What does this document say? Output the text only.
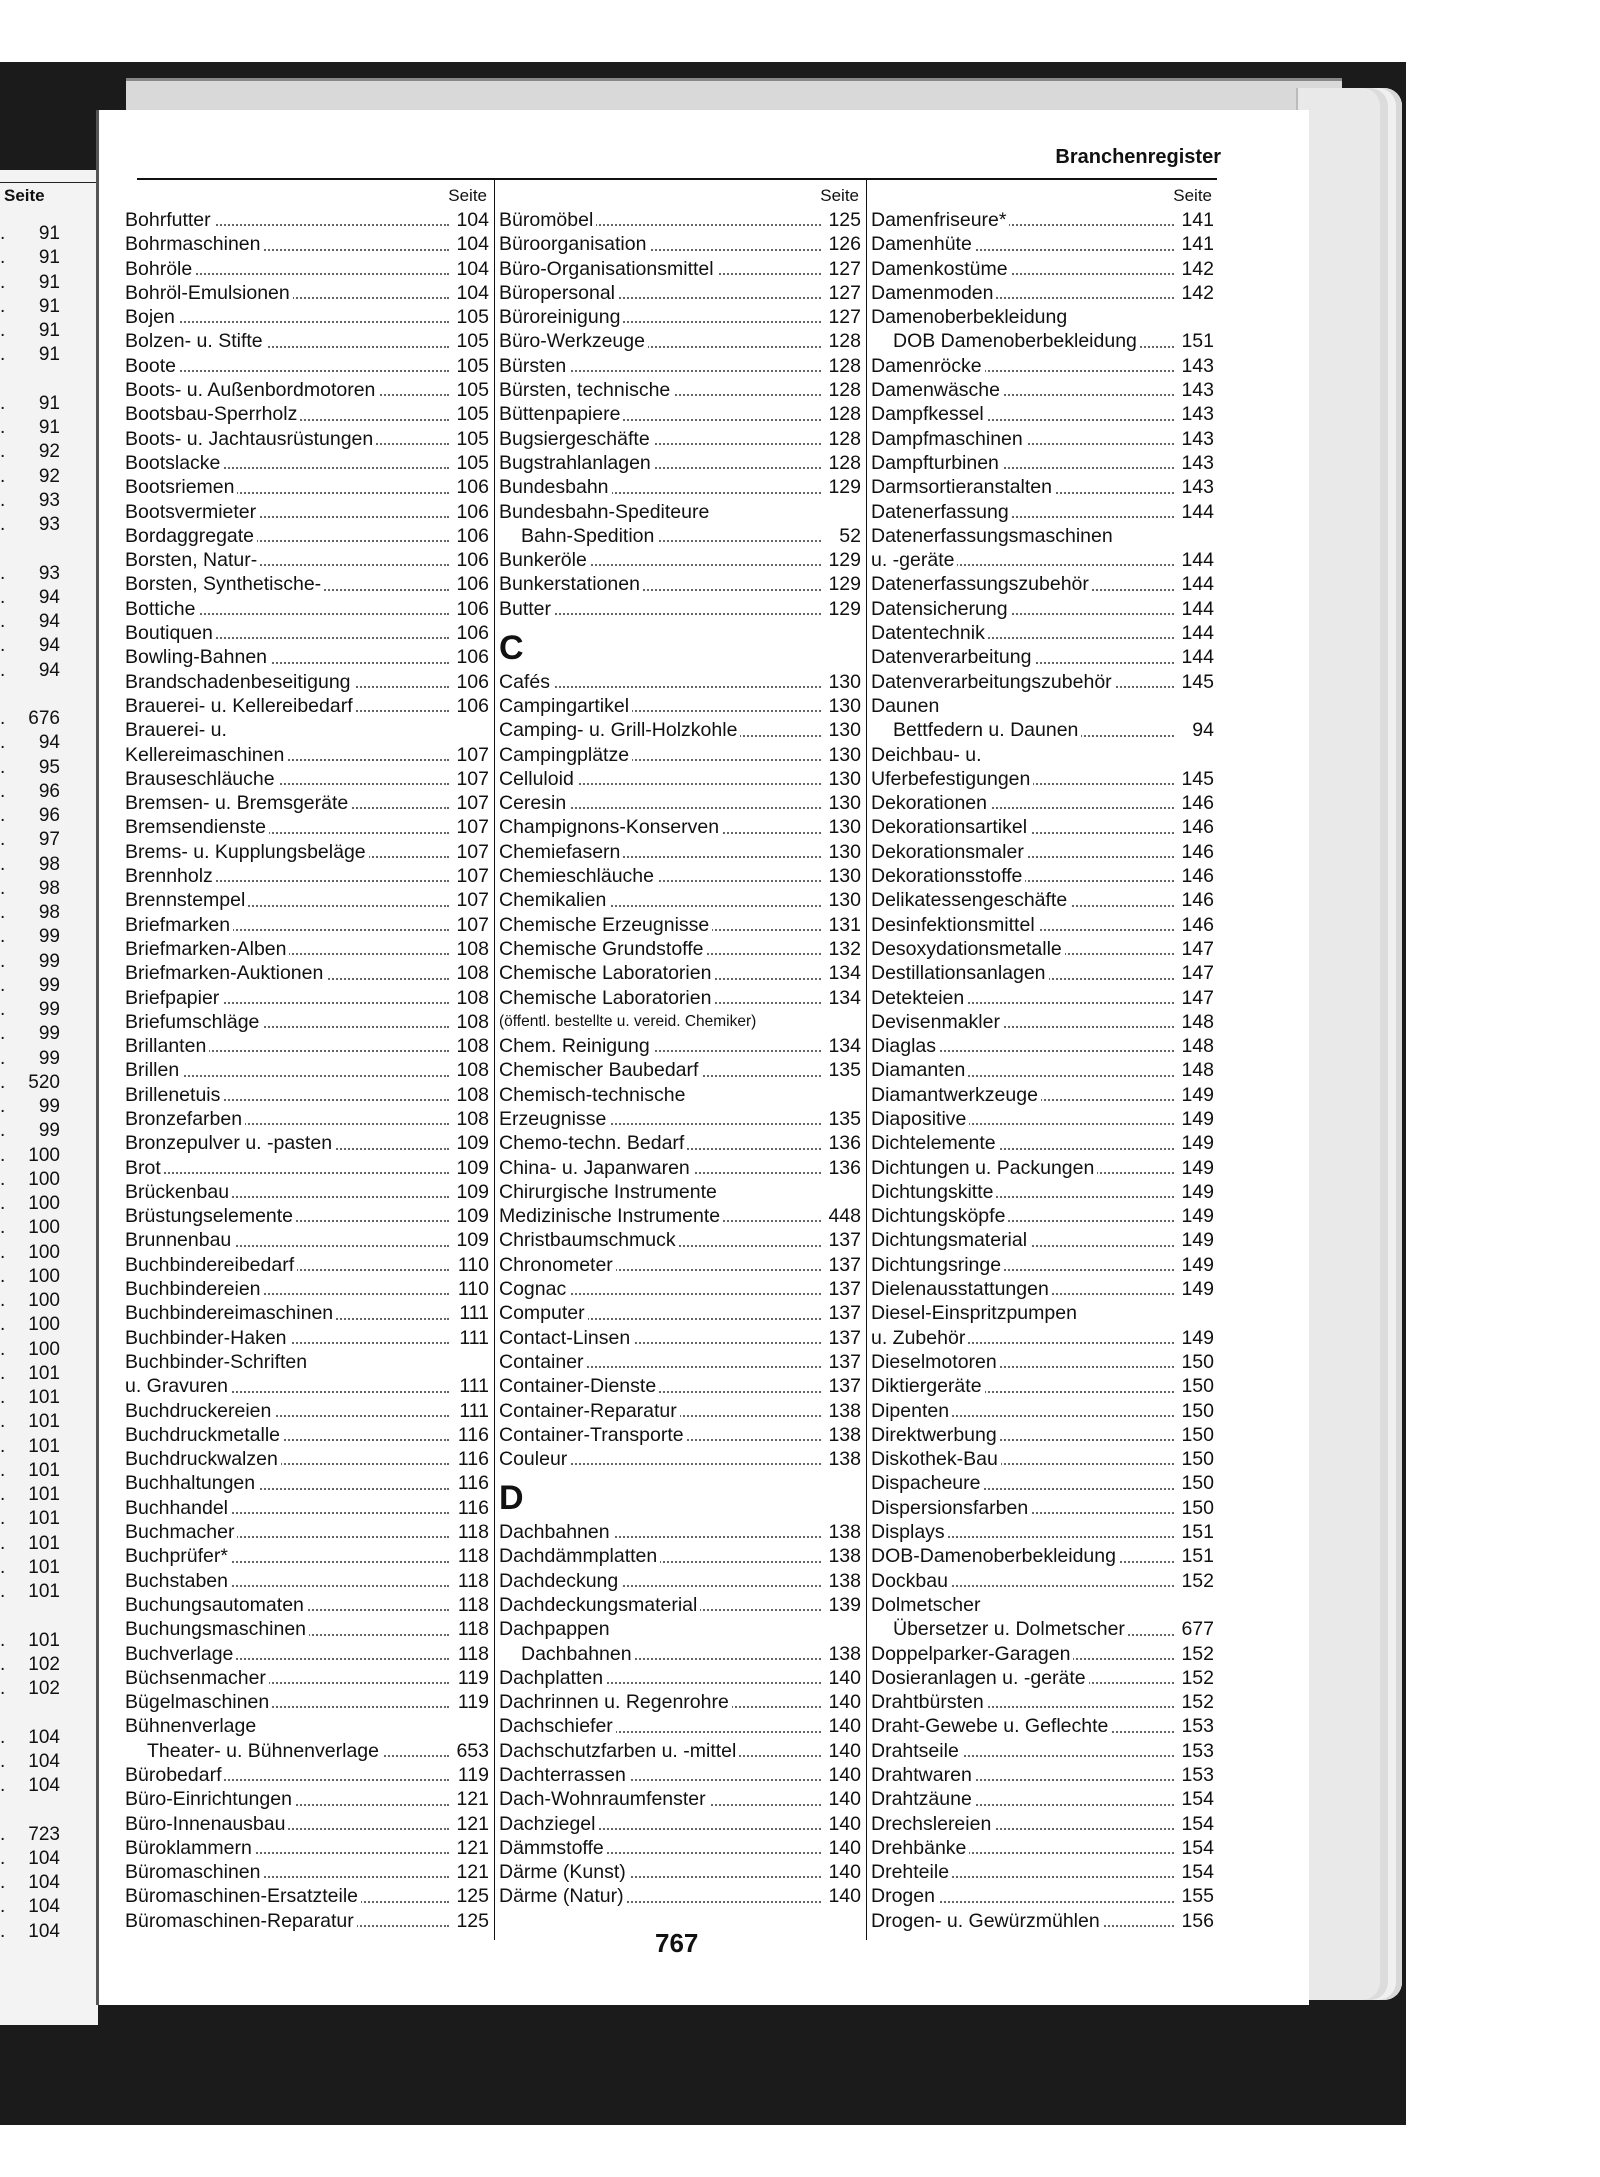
Seite
. 91
. 91
. 91
. 91
. 91
. 91
. 91
. 91
. 92
. 92
. 93
. 93
. 93
. 94
. 94
. 94
. 94
. 676
. 94
. 95
. 96
. 96
. 97
. 98
. 98
. 98
. 99
. 99
. 99
. 99
. 99
. 99
. 520
. 99
. 99
. 100
. 100
. 100
. 100
. 100
. 100
. 100
. 100
. 100
. 101
. 101
. 101
. 101
. 101
. 101
. 101
. 101
. 101
. 101
. 101
. 102
. 102
. 104
. 104
. 104
. 723
. 104
. 104
. 104
. 104
Branchenregister
Seite
Bohrfutter	104
Bohrmaschinen	104
Bohröle	104
Bohröl-Emulsionen	104
Bojen	105
Bolzen- u. Stifte	105
Boote	105
Boots- u. Außenbordmotoren	105
Bootsbau-Sperrholz	105
Boots- u. Jachtausrüstungen	105
Bootslacke	105
Bootsriemen	106
Bootsvermieter	106
Bordaggregate	106
Borsten, Natur-	106
Borsten, Synthetische-	106
Bottiche	106
Boutiquen	106
Bowling-Bahnen	106
Brandschadenbeseitigung	106
Brauerei- u. Kellereibedarf	106
Brauerei- u.
Kellereimaschinen	107
Brauseschläuche	107
Bremsen- u. Bremsgeräte	107
Bremsendienste	107
Brems- u. Kupplungsbeläge	107
Brennholz	107
Brennstempel	107
Briefmarken	107
Briefmarken-Alben	108
Briefmarken-Auktionen	108
Briefpapier	108
Briefumschläge	108
Brillanten	108
Brillen	108
Brillenetuis	108
Bronzefarben	108
Bronzepulver u. -pasten	109
Brot	109
Brückenbau	109
Brüstungselemente	109
Brunnenbau	109
Buchbindereibedarf	110
Buchbindereien	110
Buchbindereimaschinen	111
Buchbinder-Haken	111
Buchbinder-Schriften
u. Gravuren	111
Buchdruckereien	111
Buchdruckmetalle	116
Buchdruckwalzen	116
Buchhaltungen	116
Buchhandel	116
Buchmacher	118
Buchprüfer*	118
Buchstaben	118
Buchungsautomaten	118
Buchungsmaschinen	118
Buchverlage	118
Büchsenmacher	119
Bügelmaschinen	119
Bühnenverlage
Theater- u. Bühnenverlage	653
Bürobedarf	119
Büro-Einrichtungen	121
Büro-Innenausbau	121
Büroklammern	121
Büromaschinen	121
Büromaschinen-Ersatzteile	125
Büromaschinen-Reparatur	125
Seite
Büromöbel	125
Büroorganisation	126
Büro-Organisationsmittel	127
Büropersonal	127
Büroreinigung	127
Büro-Werkzeuge	128
Bürsten	128
Bürsten, technische	128
Büttenpapiere	128
Bugsiergeschäfte	128
Bugstrahlanlagen	128
Bundesbahn	129
Bundesbahn-Spediteure
Bahn-Spedition	52
Bunkeröle	129
Bunkerstationen	129
Butter	129
C
Cafés	130
Campingartikel	130
Camping- u. Grill-Holzkohle	130
Campingplätze	130
Celluloid	130
Ceresin	130
Champignons-Konserven	130
Chemiefasern	130
Chemieschläuche	130
Chemikalien	130
Chemische Erzeugnisse	131
Chemische Grundstoffe	132
Chemische Laboratorien	134
Chemische Laboratorien	134
(öffentl. bestellte u. vereid. Chemiker)
Chem. Reinigung	134
Chemischer Baubedarf	135
Chemisch-technische
Erzeugnisse	135
Chemo-techn. Bedarf	136
China- u. Japanwaren	136
Chirurgische Instrumente
Medizinische Instrumente	448
Christbaumschmuck	137
Chronometer	137
Cognac	137
Computer	137
Contact-Linsen	137
Container	137
Container-Dienste	137
Container-Reparatur	138
Container-Transporte	138
Couleur	138
D
Dachbahnen	138
Dachdämmplatten	138
Dachdeckung	138
Dachdeckungsmaterial	139
Dachpappen
Dachbahnen	138
Dachplatten	140
Dachrinnen u. Regenrohre	140
Dachschiefer	140
Dachschutzfarben u. -mittel	140
Dachterrassen	140
Dach-Wohnraumfenster	140
Dachziegel	140
Dämmstoffe	140
Därme (Kunst)	140
Därme (Natur)	140
Seite
Damenfriseure*	141
Damenhüte	141
Damenkostüme	142
Damenmoden	142
Damenoberbekleidung
DOB Damenoberbekleidung 151
Damenröcke	143
Damenwäsche	143
Dampfkessel	143
Dampfmaschinen	143
Dampfturbinen	143
Darmsortieranstalten	143
Datenerfassung	144
Datenerfassungsmaschinen
u. -geräte	144
Datenerfassungszubehör	144
Datensicherung	144
Datentechnik	144
Datenverarbeitung	144
Datenverarbeitungszubehör	145
Daunen
Bettfedern u. Daunen	94
Deichbau- u.
Uferbefestigungen	145
Dekorationen	146
Dekorationsartikel	146
Dekorationsmaler	146
Dekorationsstoffe	146
Delikatessengeschäfte	146
Desinfektionsmittel	146
Desoxydationsmetalle	147
Destillationsanlagen	147
Detekteien	147
Devisenmakler	148
Diaglas	148
Diamanten	148
Diamantwerkzeuge	149
Diapositive	149
Dichtelemente	149
Dichtungen u. Packungen	149
Dichtungskitte	149
Dichtungsköpfe	149
Dichtungsmaterial	149
Dichtungsringe	149
Dielenausstattungen	149
Diesel-Einspritzpumpen
u. Zubehör	149
Dieselmotoren	150
Diktiergeräte	150
Dipenten	150
Direktwerbung	150
Diskothek-Bau	150
Dispacheure	150
Dispersionsfarben	150
Displays	151
DOB-Damenoberbekleidung	151
Dockbau	152
Dolmetscher
Übersetzer u. Dolmetscher	677
Doppelparker-Garagen	152
Dosieranlagen u. -geräte	152
Drahtbürsten	152
Draht-Gewebe u. Geflechte	153
Drahtseile	153
Drahtwaren	153
Drahtzäune	154
Drechslereien	154
Drehbänke	154
Drehteile	154
Drogen	155
Drogen- u. Gewürzmühlen	156
767
